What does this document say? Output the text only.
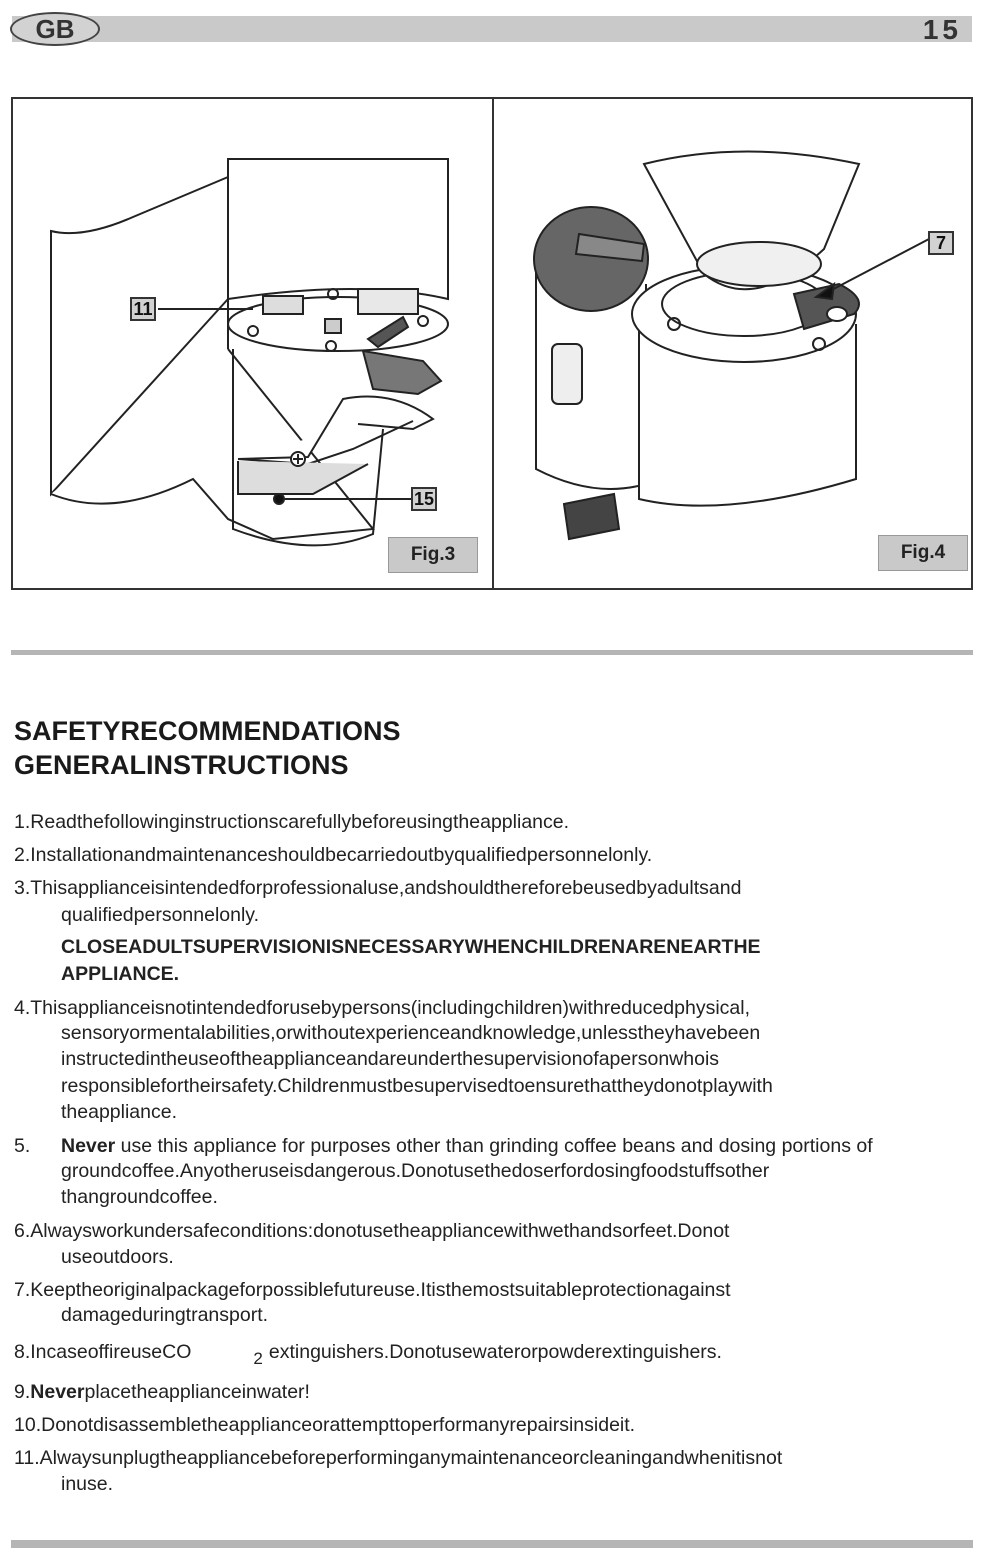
GB	15
11
15
Fig.3
7
Fig.4
SAFETYRECOMMENDATIONS
GENERALINSTRUCTIONS
1.Readthefollowinginstructionscarefullybeforeusingtheappliance.
2.Installationandmaintenanceshouldbecarriedoutbyqualifiedpersonnelonly.
3.Thisapplianceisintendedforprofessionaluse,andshouldthereforebeusedbyadultsand
qualifiedpersonnelonly.
CLOSEADULTSUPERVISIONISNECESSARYWHENCHILDRENARENEARTHE
APPLIANCE.
4.Thisapplianceisnotintendedforusebypersons(includingchildren)withreducedphysical,
sensoryormentalabilities,orwithoutexperienceandknowledge,unlesstheyhavebeen
instructedintheuseoftheapplianceandareunderthesupervisionofapersonwhois
responsiblefortheirsafety.Childrenmustbesupervisedtoensurethattheydonotplaywith
theappliance.
5. Never use this appliance for purposes other than grinding coffee beans and dosing portions of
groundcoffee.Anyotheruseisdangerous.Donotusethedoserfordosingfoodstuffsother
thangroundcoffee.
6.Alwaysworkundersafeconditions:donotusetheappliancewithwethandsorfeet.Donot
useoutdoors.
7.Keeptheoriginalpackageforpossiblefutureuse.Itisthemostsuitableprotectionagainst
damageduringtransport.
8.IncaseoffireuseCO	2 extinguishers.Donotusewaterorpowderextinguishers.
9.Neverplacetheapplianceinwater!
10.Donotdisassembletheapplianceorattempttoperformanyrepairsinsideit.
11.Alwaysunplugtheappliancebeforeperforminganymaintenanceorcleaningandwhenitisnot
inuse.
